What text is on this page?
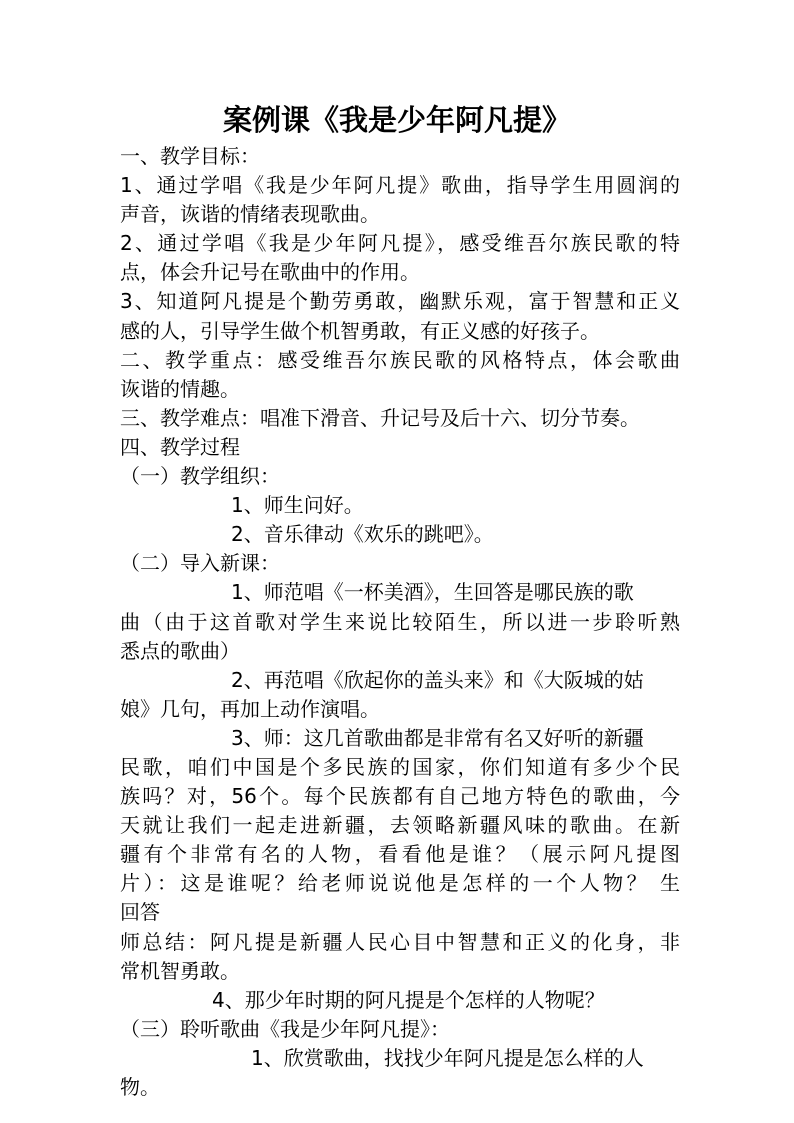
案例课《我是少年阿凡提》
一、教学目标：
1、通过学唱《我是少年阿凡提》歌曲，指导学生用圆润的
声音，诙谐的情绪表现歌曲。
2、通过学唱《我是少年阿凡提》，感受维吾尔族民歌的特
点，体会升记号在歌曲中的作用。
3、知道阿凡提是个勤劳勇敢，幽默乐观，富于智慧和正义
感的人，引导学生做个机智勇敢，有正义感的好孩子。
二、教学重点：感受维吾尔族民歌的风格特点，体会歌曲
诙谐的情趣。
三、教学难点：唱准下滑音、升记号及后十六、切分节奏。
四、教学过程
（一）教学组织：
1、师生问好。
2、音乐律动《欢乐的跳吧》。
（二）导入新课：
1、师范唱《一杯美酒》，生回答是哪民族的歌
曲（由于这首歌对学生来说比较陌生，所以进一步聆听熟
悉点的歌曲）
2、再范唱《欣起你的盖头来》和《大阪城的姑
娘》几句，再加上动作演唱。
3、师：这几首歌曲都是非常有名又好听的新疆
民歌，咱们中国是个多民族的国家，你们知道有多少个民
族吗？对，56个。每个民族都有自己地方特色的歌曲，今
天就让我们一起走进新疆，去领略新疆风味的歌曲。在新
疆有个非常有名的人物，看看他是谁？（展示阿凡提图
片）：这是谁呢？给老师说说他是怎样的一个人物？ 生
回答
师总结：阿凡提是新疆人民心目中智慧和正义的化身，非
常机智勇敢。
4、那少年时期的阿凡提是个怎样的人物呢？
（三）聆听歌曲《我是少年阿凡提》：
1、欣赏歌曲，找找少年阿凡提是怎么样的人
物。
